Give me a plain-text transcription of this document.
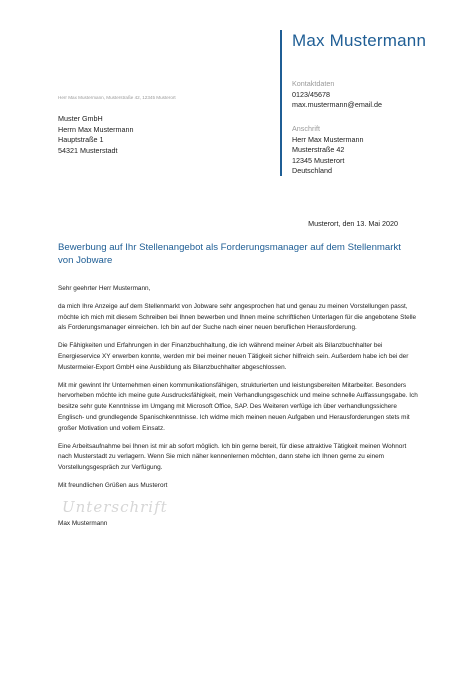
Max Mustermann
Kontaktdaten
0123/45678
max.mustermann@email.de
Anschrift
Herr Max Mustermann
Musterstraße 42
12345 Musterort
Deutschland
Herr Max Mustermann, Musterstraße 42, 12345 Musterort
Muster GmbH
Herrn Max Mustermann
Hauptstraße 1
54321 Musterstadt
Musterort, den 13. Mai 2020
Bewerbung auf Ihr Stellenangebot als Forderungsmanager auf dem Stellenmarkt von Jobware

Sehr geehrter Herr Mustermann,

da mich Ihre Anzeige auf dem Stellenmarkt von Jobware sehr angesprochen hat und genau zu meinen Vorstellungen passt, möchte ich mich mit diesem Schreiben bei Ihnen bewerben und Ihnen meine schriftlichen Unterlagen für die angebotene Stelle als Forderungsmanager einreichen. Ich bin auf der Suche nach einer neuen beruflichen Herausforderung.

Die Fähigkeiten und Erfahrungen in der Finanzbuchhaltung, die ich während meiner Arbeit als Bilanzbuchhalter bei Energieservice XY erwerben konnte, werden mir bei meiner neuen Tätigkeit sicher hilfreich sein. Außerdem habe ich bei der Mustermeier-Export GmbH eine Ausbildung als Bilanzbuchhalter abgeschlossen.

Mit mir gewinnt Ihr Unternehmen einen kommunikationsfähigen, strukturierten und leistungsbereiten Mitarbeiter. Besonders hervorheben möchte ich meine gute Ausdrucksfähigkeit, mein Verhandlungsgeschick und meine schnelle Auffassungsgabe. Ich besitze sehr gute Kenntnisse im Umgang mit Microsoft Office, SAP. Des Weiteren verfüge ich über verhandlungssichere Englisch- und grundlegende Spanischkenntnisse. Ich widme mich meinen neuen Aufgaben und Herausforderungen stets mit großer Motivation und vollem Einsatz.

Eine Arbeitsaufnahme bei Ihnen ist mir ab sofort möglich. Ich bin gerne bereit, für diese attraktive Tätigkeit meinen Wohnort nach Musterstadt zu verlagern. Wenn Sie mich näher kennenlernen möchten, dann stehe ich Ihnen gerne zu einem Vorstellungsgespräch zur Verfügung.

Mit freundlichen Grüßen aus Musterort

Unterschrift
Max Mustermann
